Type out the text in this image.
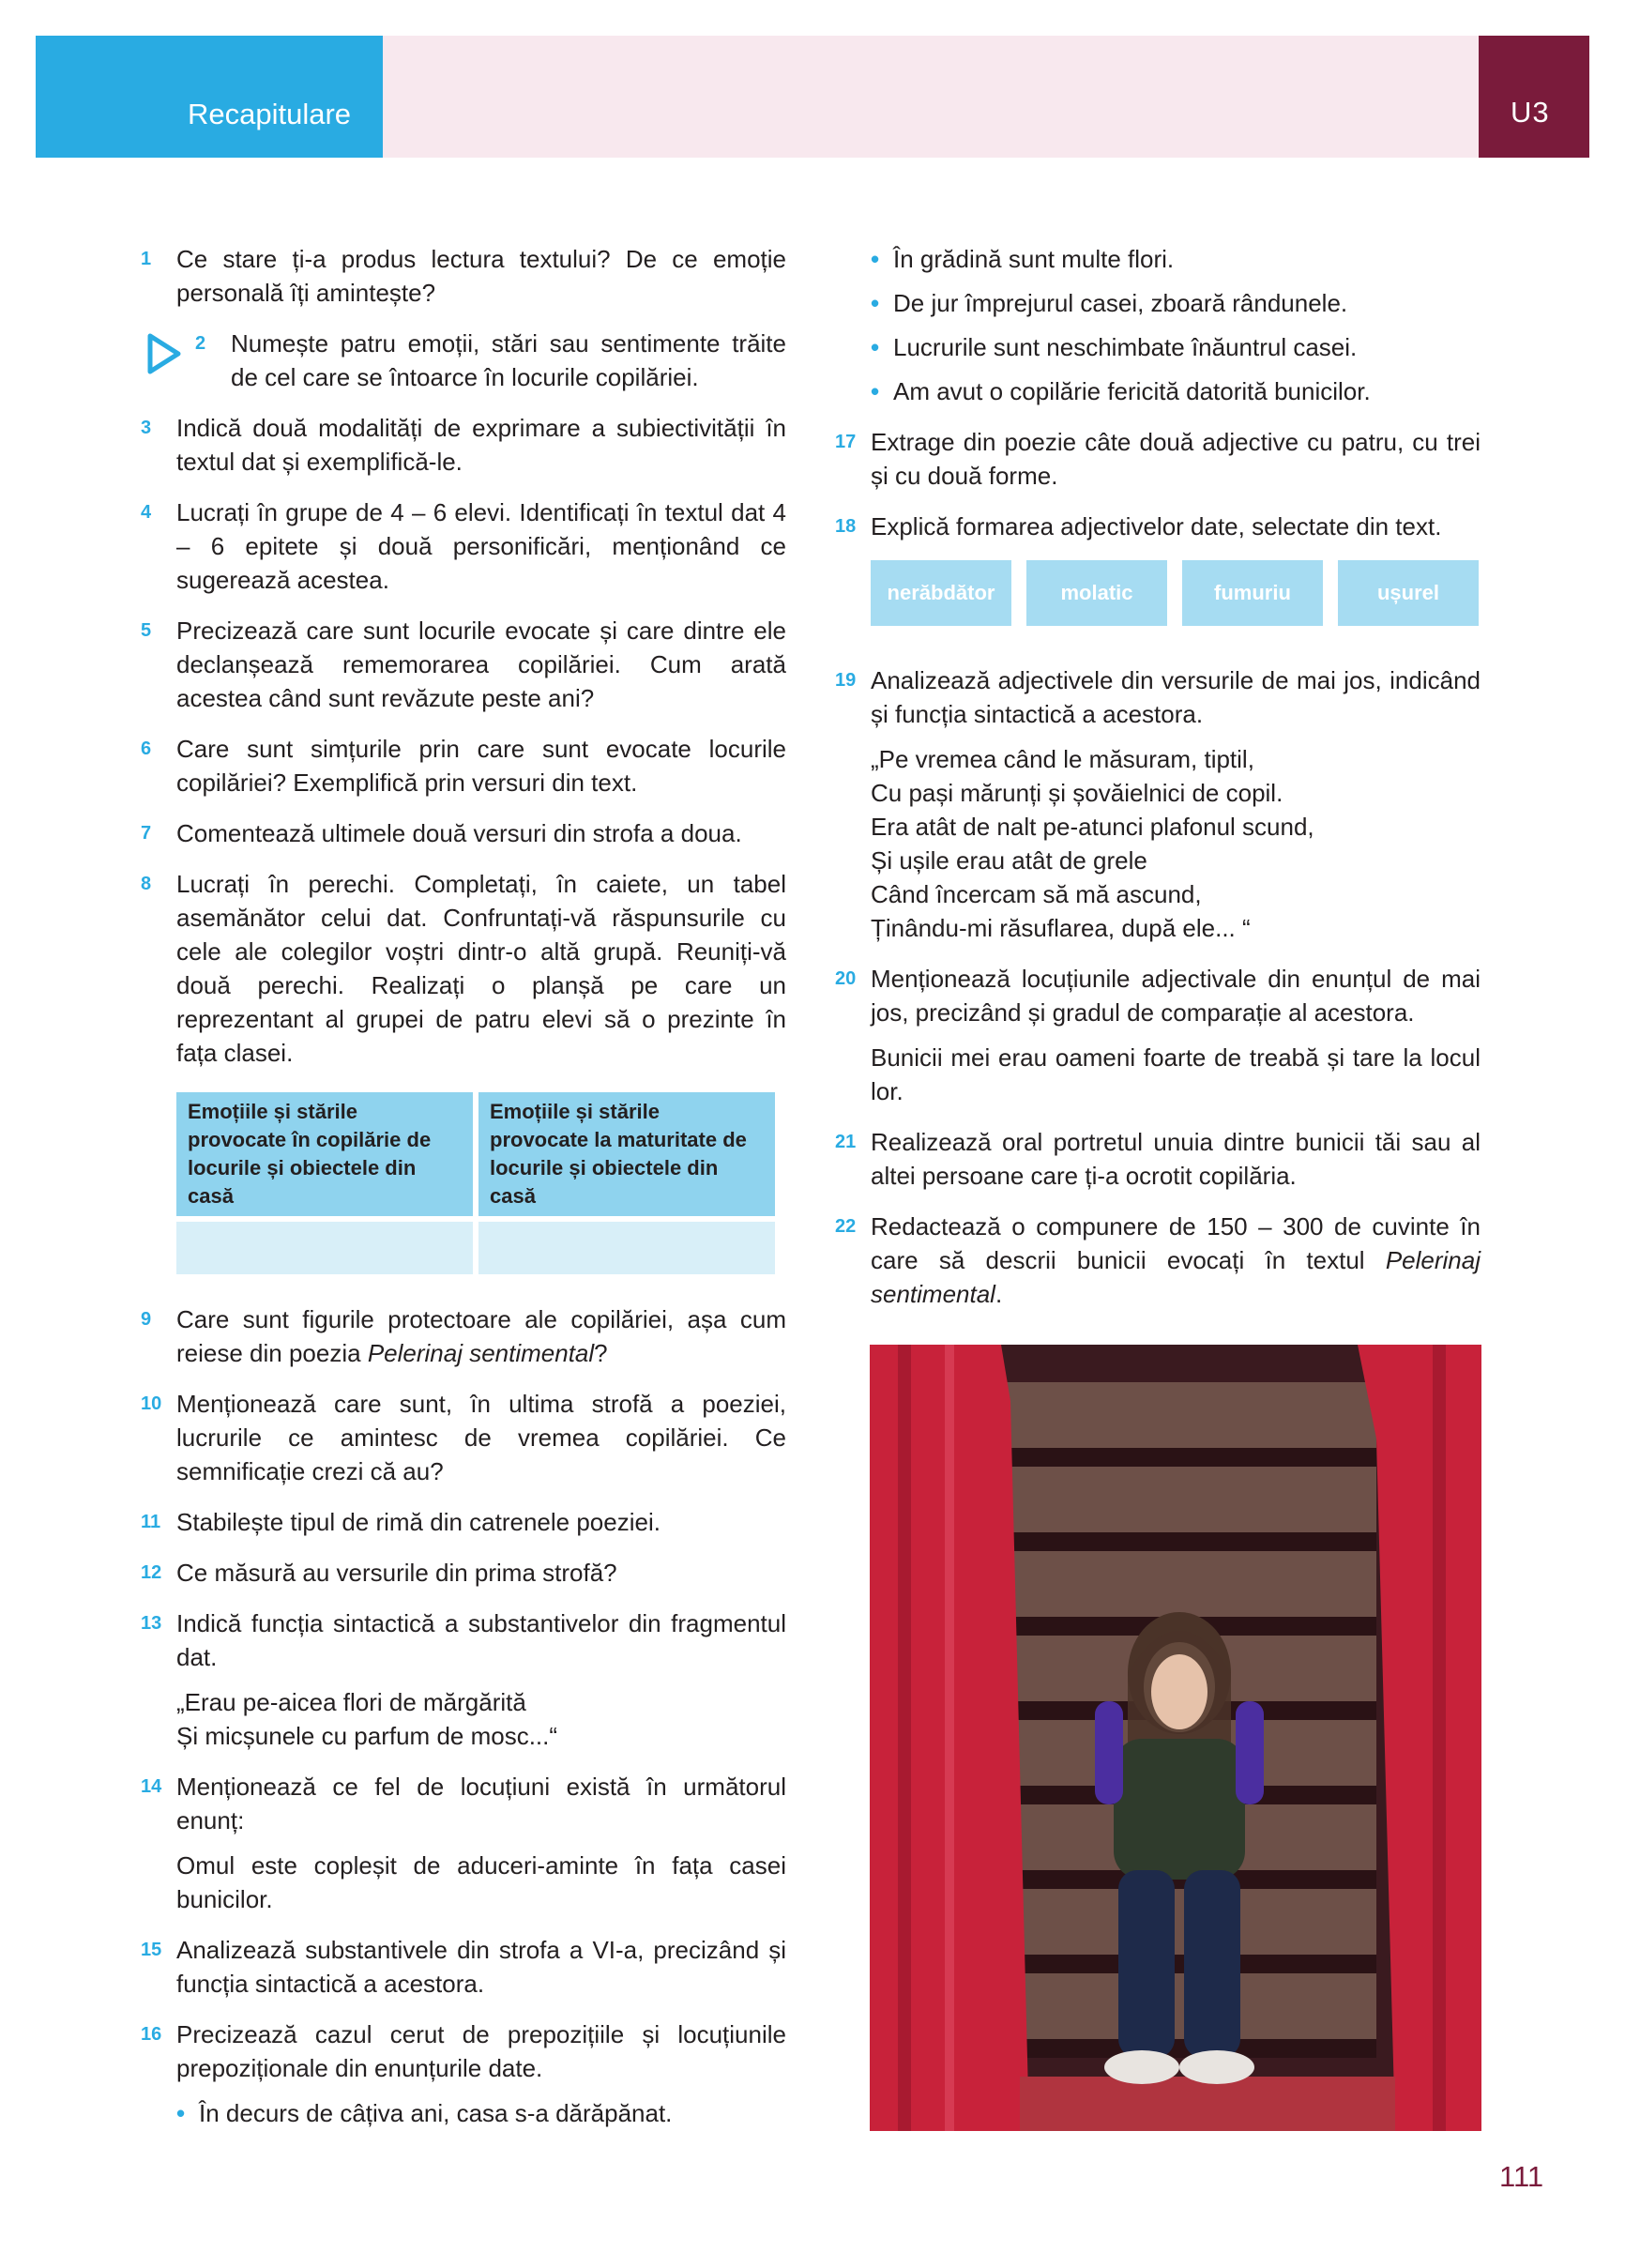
Recapitulare	U3
1 Ce stare ți-a produs lectura textului? De ce emoție personală îți amintește?
2 Numește patru emoții, stări sau sentimente trăite de cel care se întoarce în locurile copilăriei.
3 Indică două modalități de exprimare a subiectivității în textul dat și exemplifică-le.
4 Lucrați în grupe de 4 – 6 elevi. Identificați în textul dat 4 – 6 epitete și două personificări, menționând ce sugerează acestea.
5 Precizează care sunt locurile evocate și care dintre ele declanșează rememorarea copilăriei. Cum arată acestea când sunt revăzute peste ani?
6 Care sunt simțurile prin care sunt evocate locurile copilăriei? Exemplifică prin versuri din text.
7 Comentează ultimele două versuri din strofa a doua.
8 Lucrați în perechi. Completați, în caiete, un tabel asemănător celui dat. Confruntați-vă răspunsurile cu cele ale colegilor voștri dintr-o altă grupă. Reuniți-vă două perechi. Realizați o planșă pe care un reprezentant al grupei de patru elevi să o prezinte în fața clasei.
Emoțiile și stările provocate în copilărie de locurile și obiectele din casă	Emoțiile și stările provocate la maturitate de locurile și obiectele din casă

9 Care sunt figurile protectoare ale copilăriei, așa cum reiese din poezia Pelerinaj sentimental?
10 Menționează care sunt, în ultima strofă a poeziei, lucrurile ce amintesc de vremea copilăriei. Ce semnificație crezi că au?
11 Stabilește tipul de rimă din catrenele poeziei.
12 Ce măsură au versurile din prima strofă?
13 Indică funcția sintactică a substantivelor din fragmentul dat.
„Erau pe-aicea flori de mărgărită
Și micșunele cu parfum de mosc...“
14 Menționează ce fel de locuțiuni există în următorul enunț:
Omul este copleșit de aduceri-aminte în fața casei bunicilor.
15 Analizează substantivele din strofa a VI-a, precizând și funcția sintactică a acestora.
16 Precizează cazul cerut de prepozițiile și locuțiunile prepoziționale din enunțurile date.
• În decurs de câțiva ani, casa s-a dărăpănat.
• În grădină sunt multe flori.
• De jur împrejurul casei, zboară rândunele.
• Lucrurile sunt neschimbate înăuntrul casei.
• Am avut o copilărie fericită datorită bunicilor.
17 Extrage din poezie câte două adjective cu patru, cu trei și cu două forme.
18 Explică formarea adjectivelor date, selectate din text.
nerăbdător	molatic	fumuriu	ușurel
19 Analizează adjectivele din versurile de mai jos, indicând și funcția sintactică a acestora.
„Pe vremea când le măsuram, tiptil,
Cu pași mărunți și șovăielnici de copil.
Era atât de nalt pe-atunci plafonul scund,
Și ușile erau atât de grele
Când încercam să mă ascund,
Ținându-mi răsuflarea, după ele... “
20 Menționează locuțiunile adjectivale din enunțul de mai jos, precizând și gradul de comparație al acestora.
Bunicii mei erau oameni foarte de treabă și tare la locul lor.
21 Realizează oral portretul unuia dintre bunicii tăi sau al altei persoane care ți-a ocrotit copilăria.
22 Redactează o compunere de 150 – 300 de cuvinte în care să descrii bunicii evocați în textul Pelerinaj sentimental.
111
